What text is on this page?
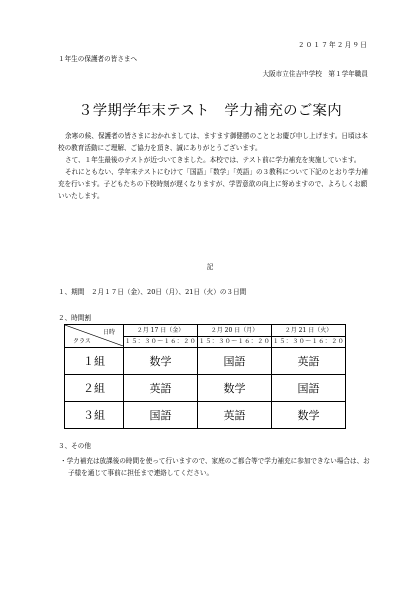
２０１７年２月９日
１年生の保護者の皆さまへ
大阪市立住吉中学校　第１学年職員
３学期学年末テスト　学力補充のご案内

余寒の候、保護者の皆さまにおかれましては、ますます御健勝のこととお慶び申し上げます。日頃は本校の教育活動にご理解、ご協力を頂き、誠にありがとうございます。

さて、１年生最後のテストが近づいてきました。本校では、テスト前に学力補充を実施しています。

それにともない、学年末テストにむけて「国語」「数学」「英語」の３教科について下記のとおり学力補充を行います。子どもたちの下校時刻が遅くなりますが、学習意欲の向上に努めますので、よろしくお願いいたします。

記
１、期間　２月１７日（金）、20日（月）、21日（火）の３日間
２、時間割
日時
クラス	２月 17 日（金）	２月 20 日（月）	２月 21 日（火）
	１５：３０～１６：２０	１５：３０～１６：２０	１５：３０～１６：２０
１組	数学	国語	英語
２組	英語	数学	国語
３組	国語	英語	数学
３、その他
・学力補充は放課後の時間を使って行いますので、家庭のご都合等で学力補充に参加できない場合は、お子様を通じて事前に担任まで連絡してください。
